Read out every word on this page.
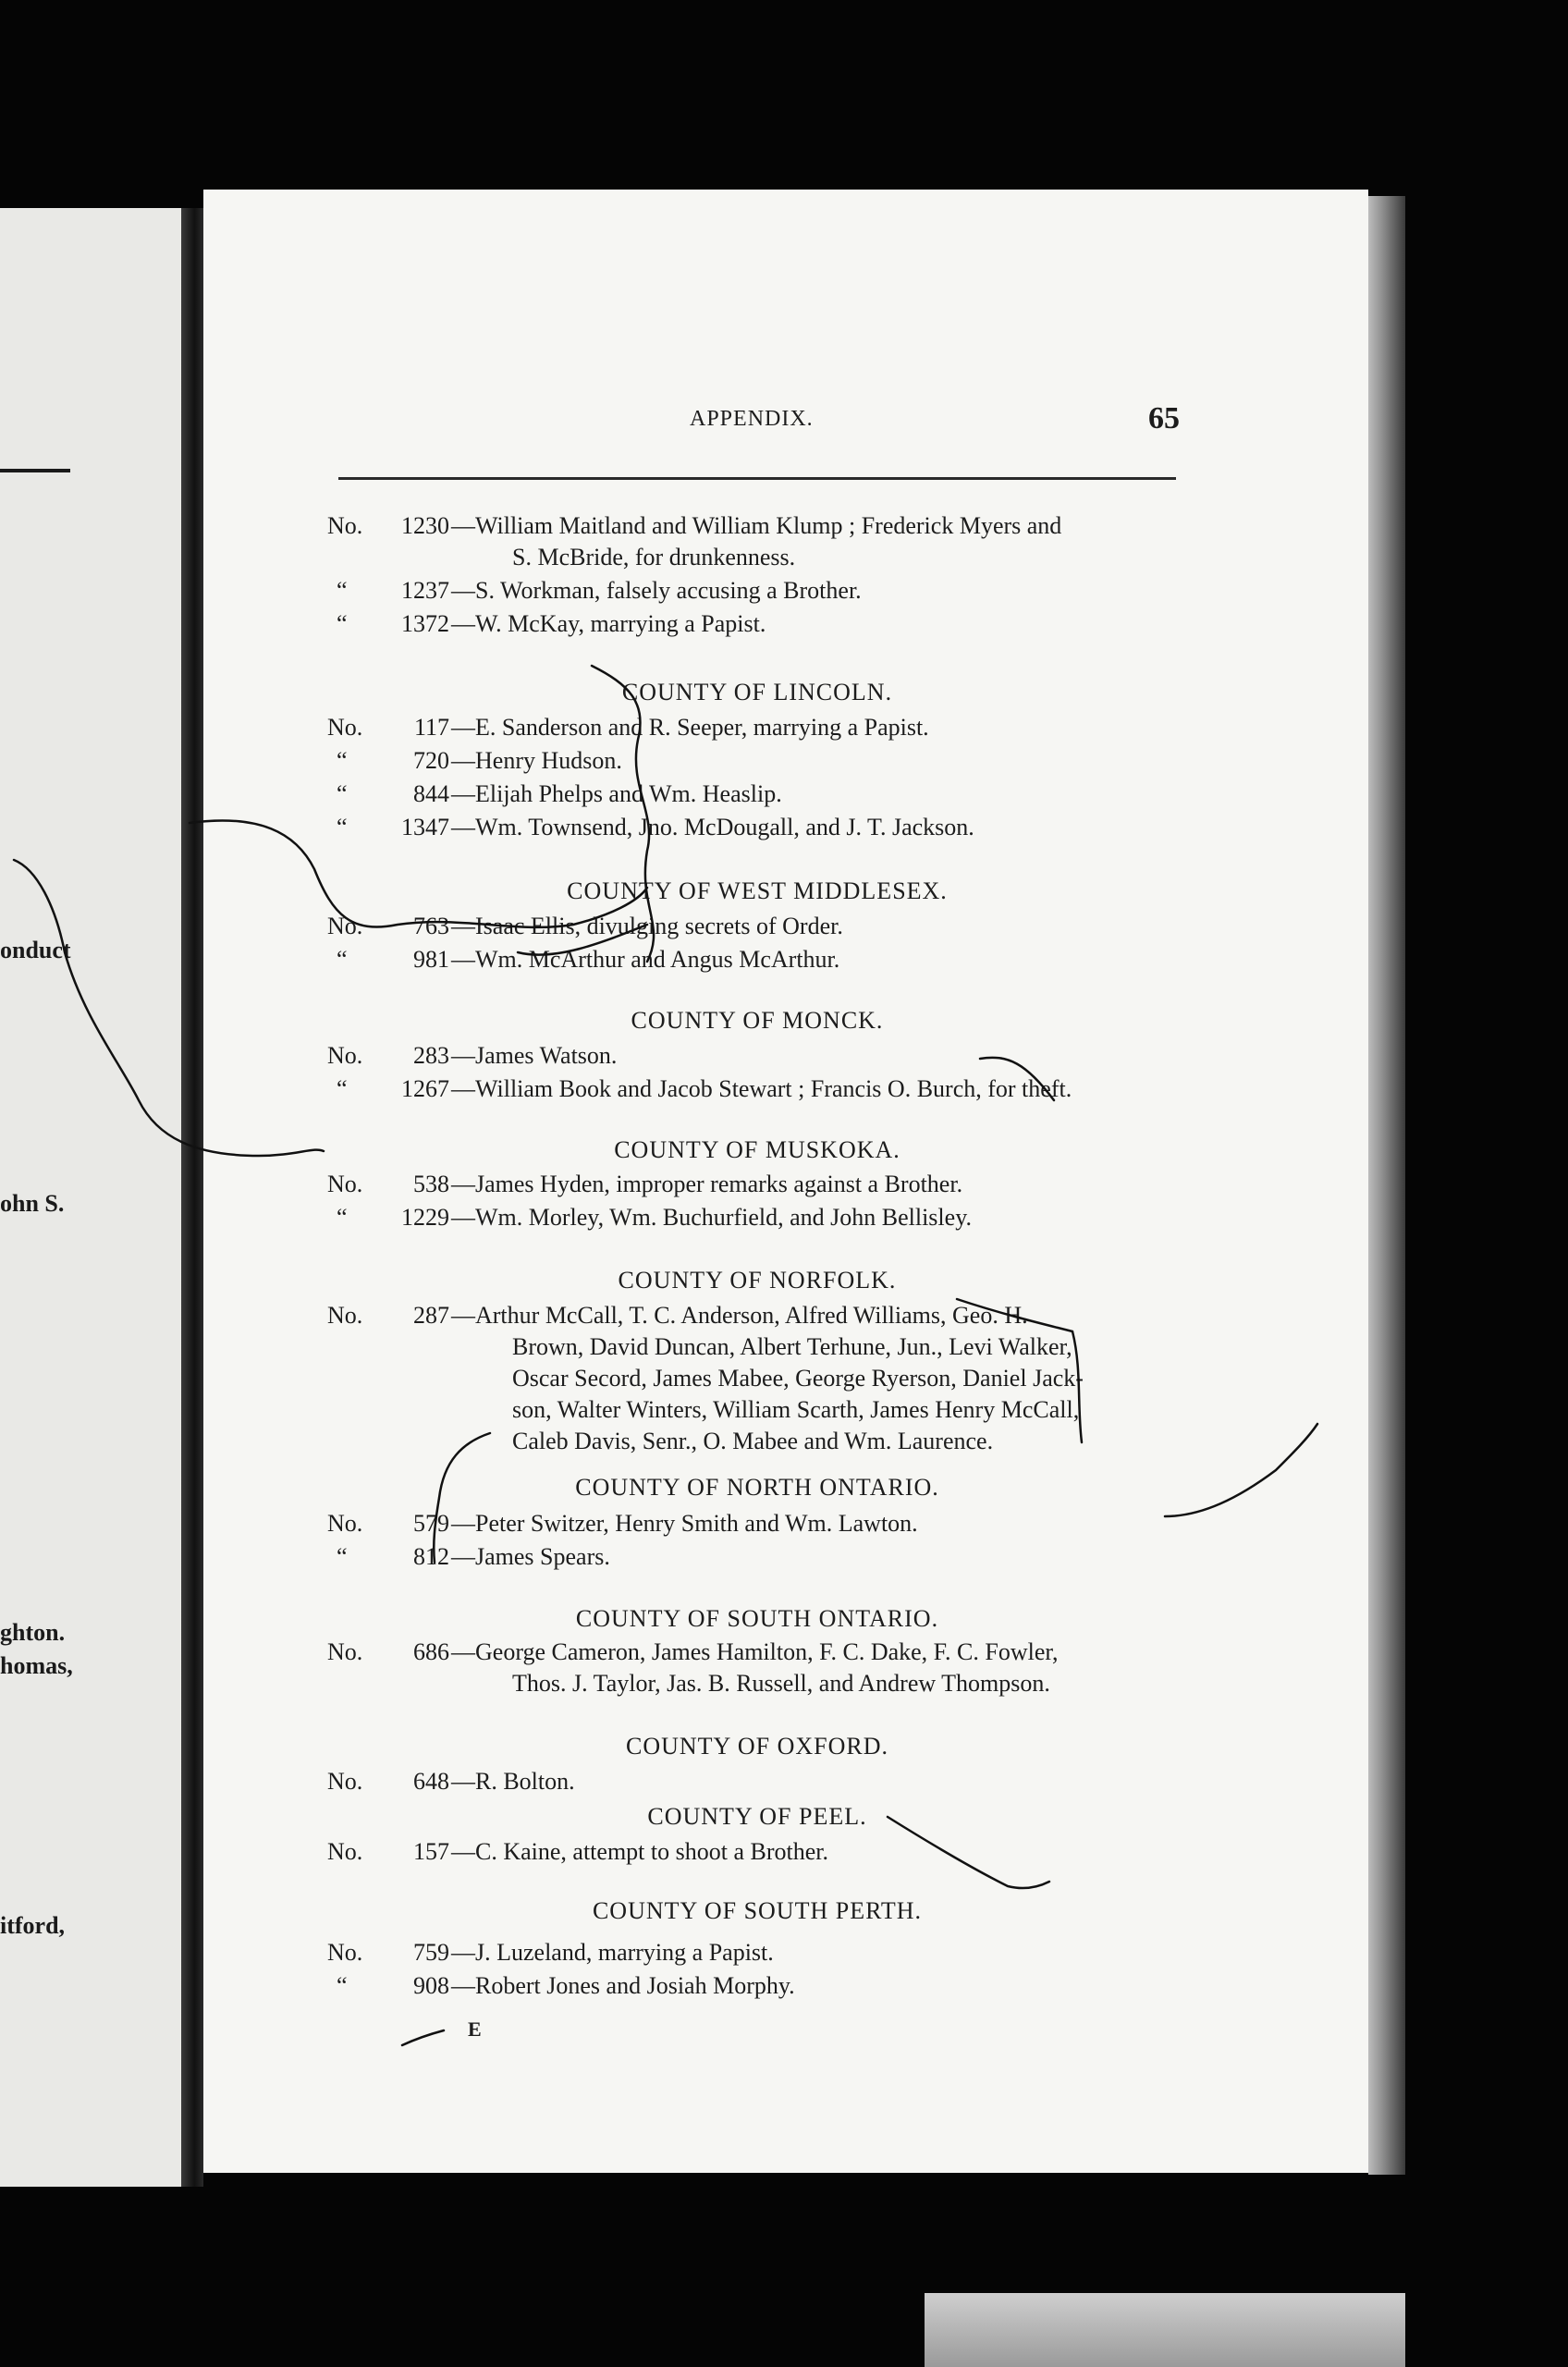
onduct
ohn S.
ghton.
homas,
itford,
APPENDIX.	65
No.	1230 —William Maitland and William Klump ; Frederick Myers and
S. McBride, for drunkenness.
“	1237 —S. Workman, falsely accusing a Brother.
“	1372 —W. McKay, marrying a Papist.
COUNTY OF LINCOLN.
No.	117 —E. Sanderson and R. Seeper, marrying a Papist.
“	720 —Henry Hudson.
“	844 —Elijah Phelps and Wm. Heaslip.
“	1347 —Wm. Townsend, Jno. McDougall, and J. T. Jackson.
COUNTY OF WEST MIDDLESEX.
No.	763 —Isaac Ellis, divulging secrets of Order.
“	981 —Wm. McArthur and Angus McArthur.
COUNTY OF MONCK.
No.	283 —James Watson.
“	1267 —William Book and Jacob Stewart ; Francis O. Burch, for theft.
COUNTY OF MUSKOKA.
No.	538 —James Hyden, improper remarks against a Brother.
“	1229 —Wm. Morley, Wm. Buchurfield, and John Bellisley.
COUNTY OF NORFOLK.
No.	287 —Arthur McCall, T. C. Anderson, Alfred Williams, Geo. H.
Brown, David Duncan, Albert Terhune, Jun., Levi Walker,
Oscar Secord, James Mabee, George Ryerson, Daniel Jack-
son, Walter Winters, William Scarth, James Henry McCall,
Caleb Davis, Senr., O. Mabee and Wm. Laurence.
COUNTY OF NORTH ONTARIO.
No.	579 —Peter Switzer, Henry Smith and Wm. Lawton.
“	812 —James Spears.
COUNTY OF SOUTH ONTARIO.
No.	686 —George Cameron, James Hamilton, F. C. Dake, F. C. Fowler,
Thos. J. Taylor, Jas. B. Russell, and Andrew Thompson.
COUNTY OF OXFORD.
No.	648 —R. Bolton.
COUNTY OF PEEL.
No.	157 —C. Kaine, attempt to shoot a Brother.
COUNTY OF SOUTH PERTH.
No.	759 —J. Luzeland, marrying a Papist.
“	908 —Robert Jones and Josiah Morphy.
E
